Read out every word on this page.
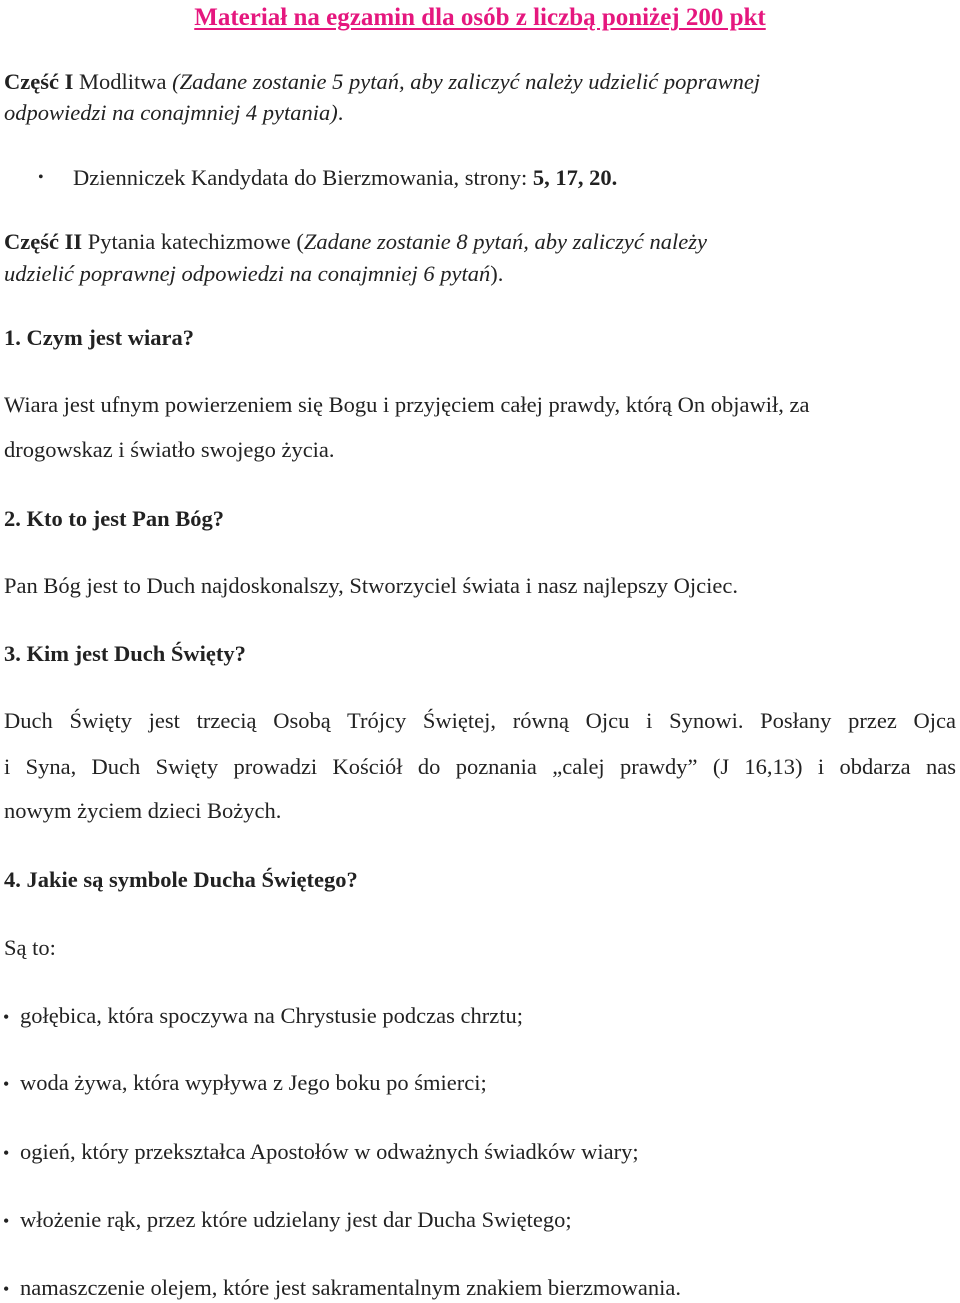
Materiał na egzamin dla osób z liczbą poniżej 200 pkt
Część I Modlitwa (Zadane zostanie 5 pytań, aby zaliczyć należy udzielić poprawnej
odpowiedzi na conajmniej 4 pytania).
• Dzienniczek Kandydata do Bierzmowania, strony: 5, 17, 20.
Część II Pytania katechizmowe (Zadane zostanie 8 pytań, aby zaliczyć należy
udzielić poprawnej odpowiedzi na conajmniej 6 pytań).
1. Czym jest wiara?
Wiara jest ufnym powierzeniem się Bogu i przyjęciem całej prawdy, którą On objawił, za
drogowskaz i światło swojego życia.
2. Kto to jest Pan Bóg?
Pan Bóg jest to Duch najdoskonalszy, Stworzyciel świata i nasz najlepszy Ojciec.
3. Kim jest Duch Święty?
Duch Święty jest trzecią Osobą Trójcy Świętej, równą Ojcu i Synowi. Posłany przez Ojca
i Syna, Duch Swięty prowadzi Kościół do poznania „calej prawdy” (J 16,13) i obdarza nas
nowym życiem dzieci Bożych.
4. Jakie są symbole Ducha Świętego?
Są to:
• gołębica, która spoczywa na Chrystusie podczas chrztu;
• woda żywa, która wypływa z Jego boku po śmierci;
• ogień, który przekształca Apostołów w odważnych świadków wiary;
• włożenie rąk, przez które udzielany jest dar Ducha Swiętego;
• namaszczenie olejem, które jest sakramentalnym znakiem bierzmowania.
